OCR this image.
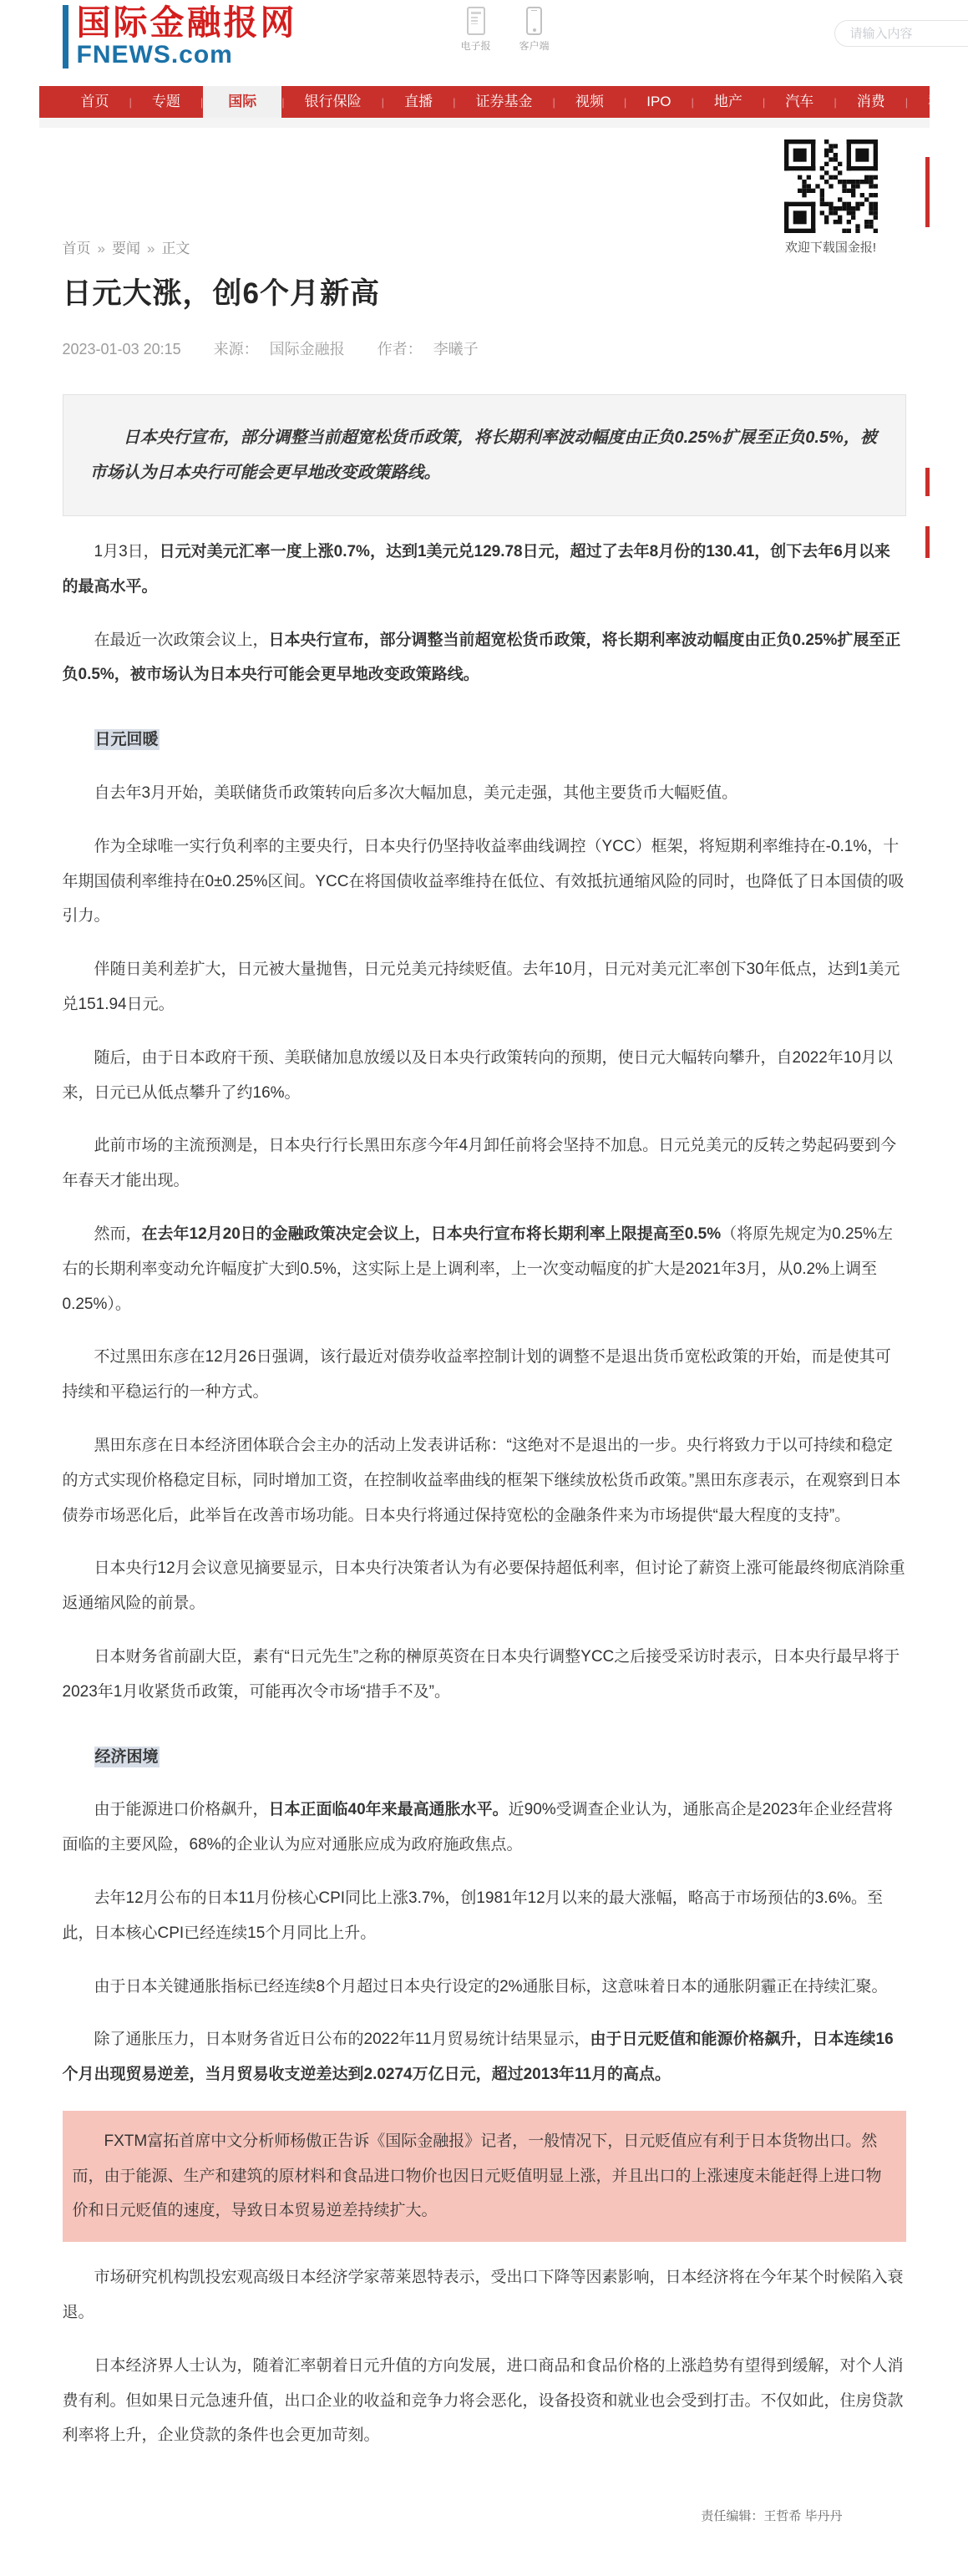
国际金融报网
FNEWS.com	电子报	客户端
请输入内容
首页	|	专题	|	国际	|	银行保险	|	直播	|	证券基金	|	视频	|	IPO	|	地产	|	汽车	|	消费	|	科技
首页 » 要闻 » 正文	欢迎下载国金报!
日元大涨，创6个月新高
2023-01-03 20:15 来源： 国际金融报 作者： 李曦子
日本央行宣布，部分调整当前超宽松货币政策，将长期利率波动幅度由正负0.25%扩展至正负0.5%，被市场认为日本央行可能会更早地改变政策路线。

1月3日，日元对美元汇率一度上涨0.7%，达到1美元兑129.78日元，超过了去年8月份的130.41，创下去年6月以来的最高水平。

在最近一次政策会议上，日本央行宣布，部分调整当前超宽松货币政策，将长期利率波动幅度由正负0.25%扩展至正负0.5%，被市场认为日本央行可能会更早地改变政策路线。

日元回暖

自去年3月开始，美联储货币政策转向后多次大幅加息，美元走强，其他主要货币大幅贬值。

作为全球唯一实行负利率的主要央行，日本央行仍坚持收益率曲线调控（YCC）框架，将短期利率维持在-0.1%，十年期国债利率维持在0±0.25%区间。YCC在将国债收益率维持在低位、有效抵抗通缩风险的同时，也降低了日本国债的吸引力。

伴随日美利差扩大，日元被大量抛售，日元兑美元持续贬值。去年10月，日元对美元汇率创下30年低点，达到1美元兑151.94日元。

随后，由于日本政府干预、美联储加息放缓以及日本央行政策转向的预期，使日元大幅转向攀升，自2022年10月以来，日元已从低点攀升了约16%。

此前市场的主流预测是，日本央行行长黑田东彦今年4月卸任前将会坚持不加息。日元兑美元的反转之势起码要到今年春天才能出现。

然而，在去年12月20日的金融政策决定会议上，日本央行宣布将长期利率上限提高至0.5%（将原先规定为0.25%左右的长期利率变动允许幅度扩大到0.5%，这实际上是上调利率，上一次变动幅度的扩大是2021年3月，从0.2%上调至0.25%）。

不过黑田东彦在12月26日强调，该行最近对债券收益率控制计划的调整不是退出货币宽松政策的开始，而是使其可持续和平稳运行的一种方式。

黑田东彦在日本经济团体联合会主办的活动上发表讲话称：“这绝对不是退出的一步。央行将致力于以可持续和稳定的方式实现价格稳定目标，同时增加工资，在控制收益率曲线的框架下继续放松货币政策。”黑田东彦表示，在观察到日本债券市场恶化后，此举旨在改善市场功能。日本央行将通过保持宽松的金融条件来为市场提供“最大程度的支持”。

日本央行12月会议意见摘要显示，日本央行决策者认为有必要保持超低利率，但讨论了薪资上涨可能最终彻底消除重返通缩风险的前景。

日本财务省前副大臣，素有“日元先生”之称的榊原英资在日本央行调整YCC之后接受采访时表示，日本央行最早将于2023年1月收紧货币政策，可能再次令市场“措手不及”。

经济困境

由于能源进口价格飙升，日本正面临40年来最高通胀水平。近90%受调查企业认为，通胀高企是2023年企业经营将面临的主要风险，68%的企业认为应对通胀应成为政府施政焦点。

去年12月公布的日本11月份核心CPI同比上涨3.7%，创1981年12月以来的最大涨幅，略高于市场预估的3.6%。至此，日本核心CPI已经连续15个月同比上升。

由于日本关键通胀指标已经连续8个月超过日本央行设定的2%通胀目标，这意味着日本的通胀阴霾正在持续汇聚。

除了通胀压力，日本财务省近日公布的2022年11月贸易统计结果显示，由于日元贬值和能源价格飙升，日本连续16个月出现贸易逆差，当月贸易收支逆差达到2.0274万亿日元，超过2013年11月的高点。

FXTM富拓首席中文分析师杨傲正告诉《国际金融报》记者，一般情况下，日元贬值应有利于日本货物出口。然而，由于能源、生产和建筑的原材料和食品进口物价也因日元贬值明显上涨，并且出口的上涨速度未能赶得上进口物价和日元贬值的速度，导致日本贸易逆差持续扩大。

市场研究机构凯投宏观高级日本经济学家蒂莱恩特表示，受出口下降等因素影响，日本经济将在今年某个时候陷入衰退。

日本经济界人士认为，随着汇率朝着日元升值的方向发展，进口商品和食品价格的上涨趋势有望得到缓解，对个人消费有利。但如果日元急速升值，出口企业的收益和竞争力将会恶化，设备投资和就业也会受到打击。不仅如此，住房贷款利率将上升，企业贷款的条件也会更加苛刻。

责任编辑：王哲希 毕丹丹
